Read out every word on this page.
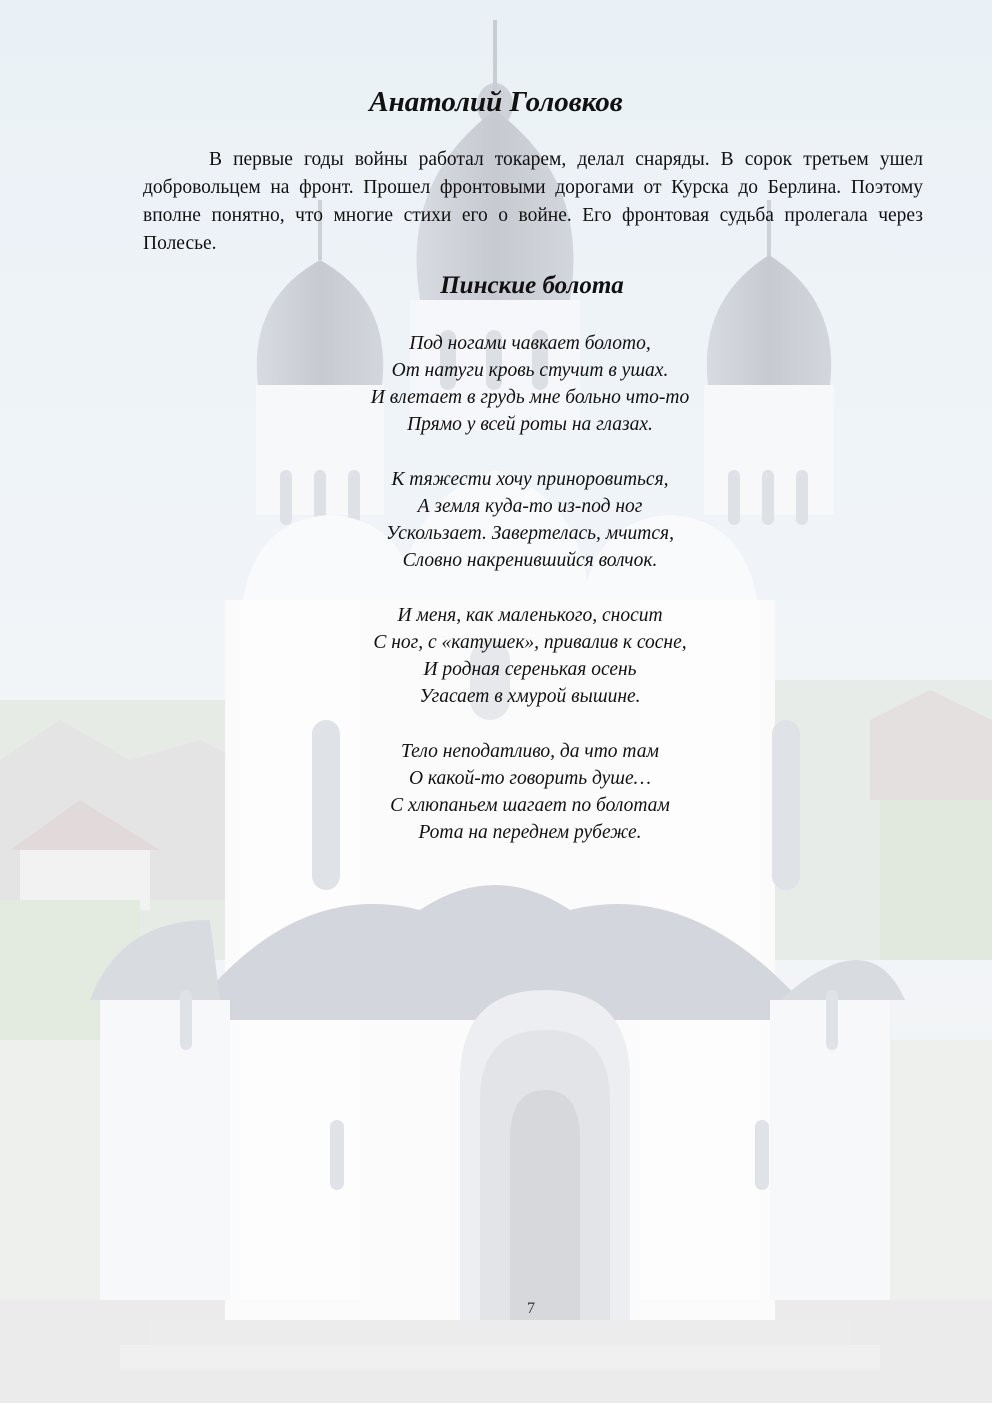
Анатолий Головков

В первые годы войны работал токарем, делал снаряды. В сорок третьем ушел добровольцем на фронт. Прошел фронтовыми дорогами от Курска до Берлина. Поэтому вполне понятно, что многие стихи его о войне. Его фронтовая судьба пролегала через Полесье.

Пинские болота
Под ногами чавкает болото,
От натуги кровь стучит в ушах.
И влетает в грудь мне больно что-то
Прямо у всей роты на глазах.
К тяжести хочу приноровиться,
А земля куда-то из-под ног
Ускользает. Завертелась, мчится,
Словно накренившийся волчок.
И меня, как маленького, сносит
С ног, с «катушек», привалив к сосне,
И родная серенькая осень
Угасает в хмурой вышине.
Тело неподатливо, да что там
О какой-то говорить душе…
С хлюпаньем шагает по болотам
Рота на переднем рубеже.
7
